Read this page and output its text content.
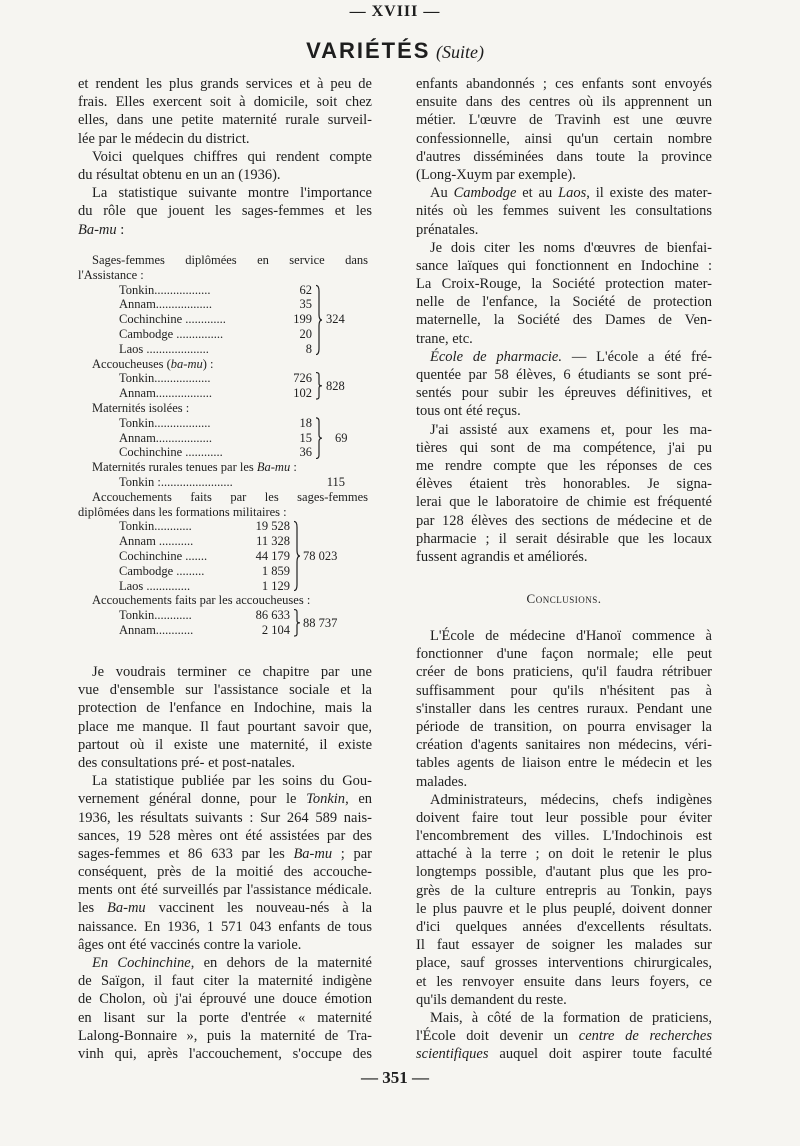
— XVIII —
VARIÉTÉS (Suite)
et rendent les plus grands services et à peu de
frais. Elles exercent soit à domicile, soit chez
elles, dans une petite maternité rurale surveil-
lée par le médecin du district.
Voici quelques chiffres qui rendent compte
du résultat obtenu en un an (1936).
La statistique suivante montre l'importance
du rôle que jouent les sages-femmes et les
Ba-mu :
Sages-femmes diplômées en service dans
l'Assistance :
Tonkin..................	62
Annam..................	35
Cochinchine .............	199
Cambodge ...............	20
Laos ....................	8
324
Accoucheuses (ba-mu) :
Tonkin..................	726
Annam..................	102
828
Maternités isolées :
Tonkin..................	18
Annam..................	15
Cochinchine ............	36
69
Maternités rurales tenues par les Ba-mu :
Tonkin :.......................	115
Accouchements faits par les sages-femmes
diplômées dans les formations militaires :
Tonkin............	19 528
Annam ...........	11 328
Cochinchine .......	44 179
Cambodge .........	1 859
Laos ..............	1 129
78 023
Accouchements faits par les accoucheuses :
Tonkin............	86 633
Annam............	2 104
88 737
Je voudrais terminer ce chapitre par une
vue d'ensemble sur l'assistance sociale et la
protection de l'enfance en Indochine, mais la
place me manque. Il faut pourtant savoir que,
partout où il existe une maternité, il existe
des consultations pré- et post-natales.
La statistique publiée par les soins du Gou-
vernement général donne, pour le Tonkin, en
1936, les résultats suivants : Sur 264 589 nais-
sances, 19 528 mères ont été assistées par des
sages-femmes et 86 633 par les Ba-mu ; par
conséquent, près de la moitié des accouche-
ments ont été surveillés par l'assistance médicale.
les Ba-mu vaccinent les nouveau-nés à la
naissance. En 1936, 1 571 043 enfants de tous
âges ont été vaccinés contre la variole.
En Cochinchine, en dehors de la maternité
de Saïgon, il faut citer la maternité indigène
de Cholon, où j'ai éprouvé une douce émotion
en lisant sur la porte d'entrée « maternité
Lalong-Bonnaire », puis la maternité de Tra-
vinh qui, après l'accouchement, s'occupe des
enfants abandonnés ; ces enfants sont envoyés
ensuite dans des centres où ils apprennent un
métier. L'œuvre de Travinh est une œuvre
confessionnelle, ainsi qu'un certain nombre
d'autres disséminées dans toute la province
(Long-Xuym par exemple).
Au Cambodge et au Laos, il existe des mater-
nités où les femmes suivent les consultations
prénatales.
Je dois citer les noms d'œuvres de bienfai-
sance laïques qui fonctionnent en Indochine :
La Croix-Rouge, la Société protection mater-
nelle de l'enfance, la Société de protection
maternelle, la Société des Dames de Ven-
trane, etc.
École de pharmacie. — L'école a été fré-
quentée par 58 élèves, 6 étudiants se sont pré-
sentés pour subir les épreuves définitives, et
tous ont été reçus.
J'ai assisté aux examens et, pour les ma-
tières qui sont de ma compétence, j'ai pu
me rendre compte que les réponses de ces
élèves étaient très honorables. Je signa-
lerai que le laboratoire de chimie est fréquenté
par 128 élèves des sections de médecine et de
pharmacie ; il serait désirable que les locaux
fussent agrandis et améliorés.
Conclusions.
L'École de médecine d'Hanoï commence à
fonctionner d'une façon normale; elle peut
créer de bons praticiens, qu'il faudra rétribuer
suffisamment pour qu'ils n'hésitent pas à
s'installer dans les centres ruraux. Pendant une
période de transition, on pourra envisager la
création d'agents sanitaires non médecins, véri-
tables agents de liaison entre le médecin et les
malades.
Administrateurs, médecins, chefs indigènes
doivent faire tout leur possible pour éviter
l'encombrement des villes. L'Indochinois est
attaché à la terre ; on doit le retenir le plus
longtemps possible, d'autant plus que les pro-
grès de la culture entrepris au Tonkin, pays
le plus pauvre et le plus peuplé, doivent donner
d'ici quelques années d'excellents résultats.
Il faut essayer de soigner les malades sur
place, sauf grosses interventions chirurgicales,
et les renvoyer ensuite dans leurs foyers, ce
qu'ils demandent du reste.
Mais, à côté de la formation de praticiens,
l'École doit devenir un centre de recherches
scientifiques auquel doit aspirer toute faculté
— 351 —
